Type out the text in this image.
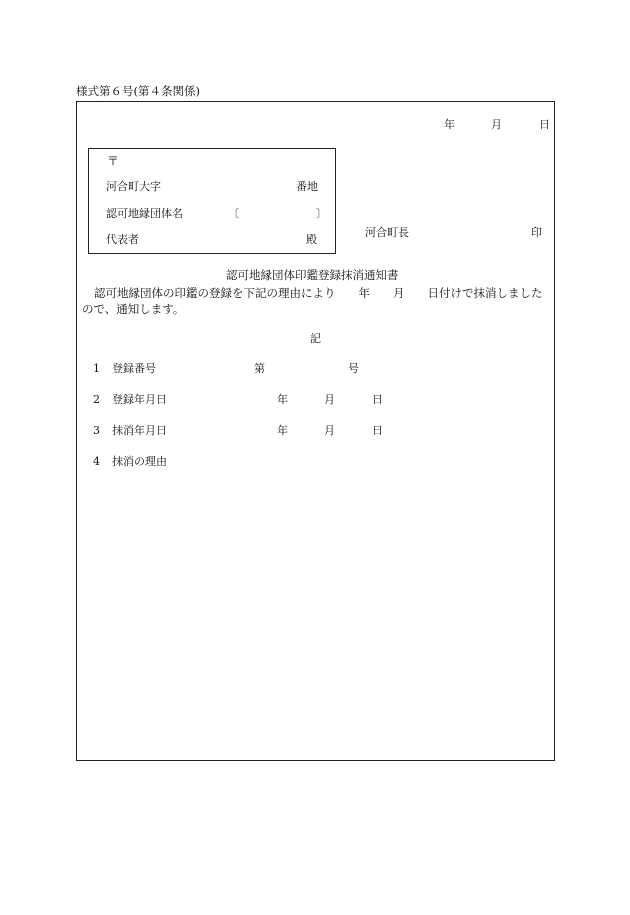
様式第６号(第４条関係)
年	月	日
〒
河合町大字	番地
認可地縁団体名	〔	〕
代表者	殿
河合町長	印
認可地縁団体印鑑登録抹消通知書
認可地縁団体の印鑑の登録を下記の理由により　　年　　月　　日付けで抹消しましたので、通知します。
記
1 登録番号	第	号
2 登録年月日	年	月	日
3 抹消年月日	年	月	日
4 抹消の理由
